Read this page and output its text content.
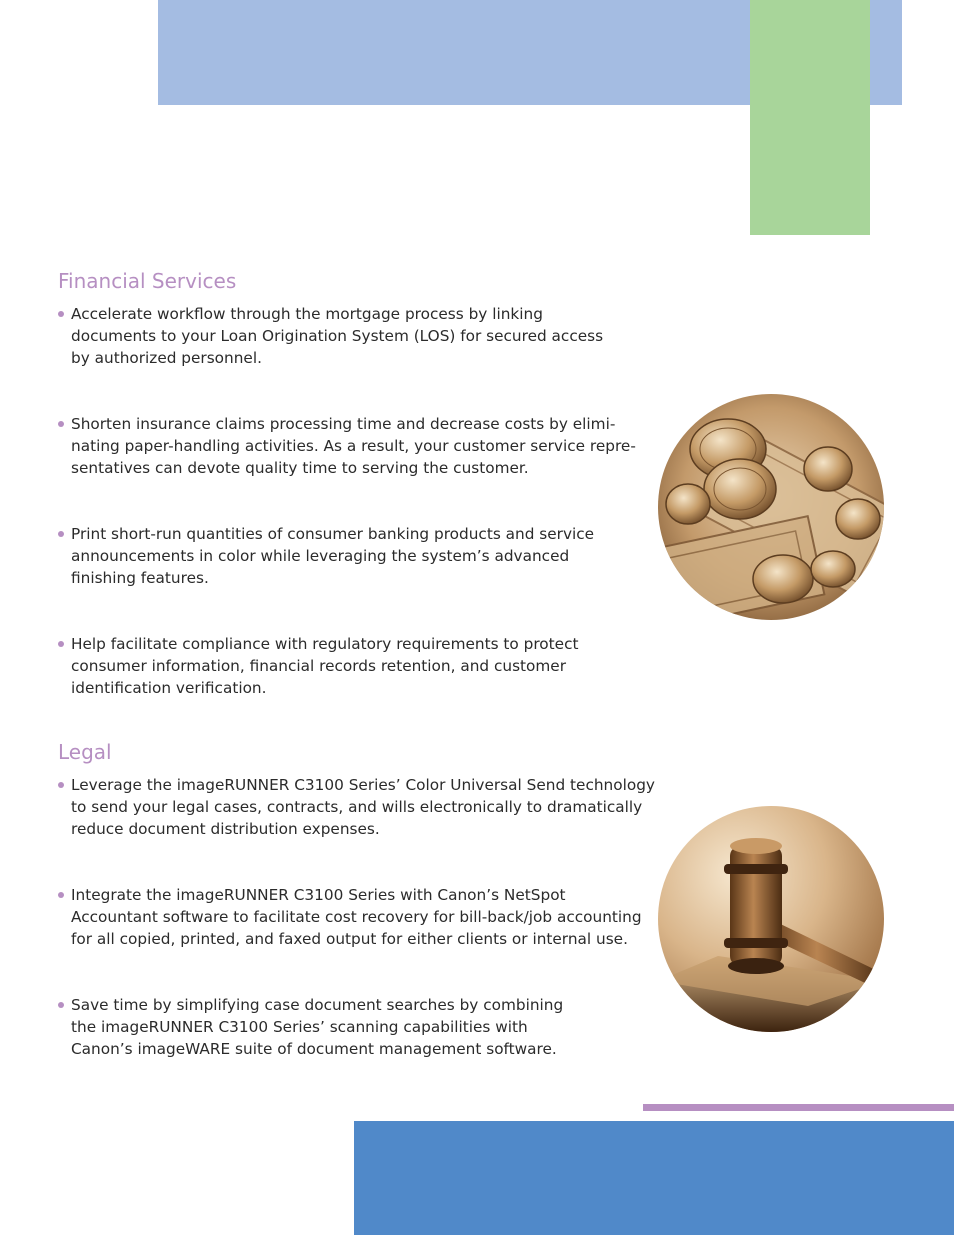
Financial Services

Accelerate workflow through the mortgage process by linking
documents to your Loan Origination System (LOS) for secured access
by authorized personnel.

Shorten insurance claims processing time and decrease costs by elimi-
nating paper-handling activities. As a result, your customer service repre-
sentatives can devote quality time to serving the customer.

Print short-run quantities of consumer banking products and service
announcements in color while leveraging the system’s advanced
finishing features.

Help facilitate compliance with regulatory requirements to protect
consumer information, financial records retention, and customer
identification verification.

Legal

Leverage the imageRUNNER C3100 Series’ Color Universal Send technology
to send your legal cases, contracts, and wills electronically to dramatically
reduce document distribution expenses.

Integrate the imageRUNNER C3100 Series with Canon’s NetSpot
Accountant software to facilitate cost recovery for bill-back/job accounting
for all copied, printed, and faxed output for either clients or internal use.

Save time by simplifying case document searches by combining
the imageRUNNER C3100 Series’ scanning capabilities with
Canon’s imageWARE suite of document management software.
